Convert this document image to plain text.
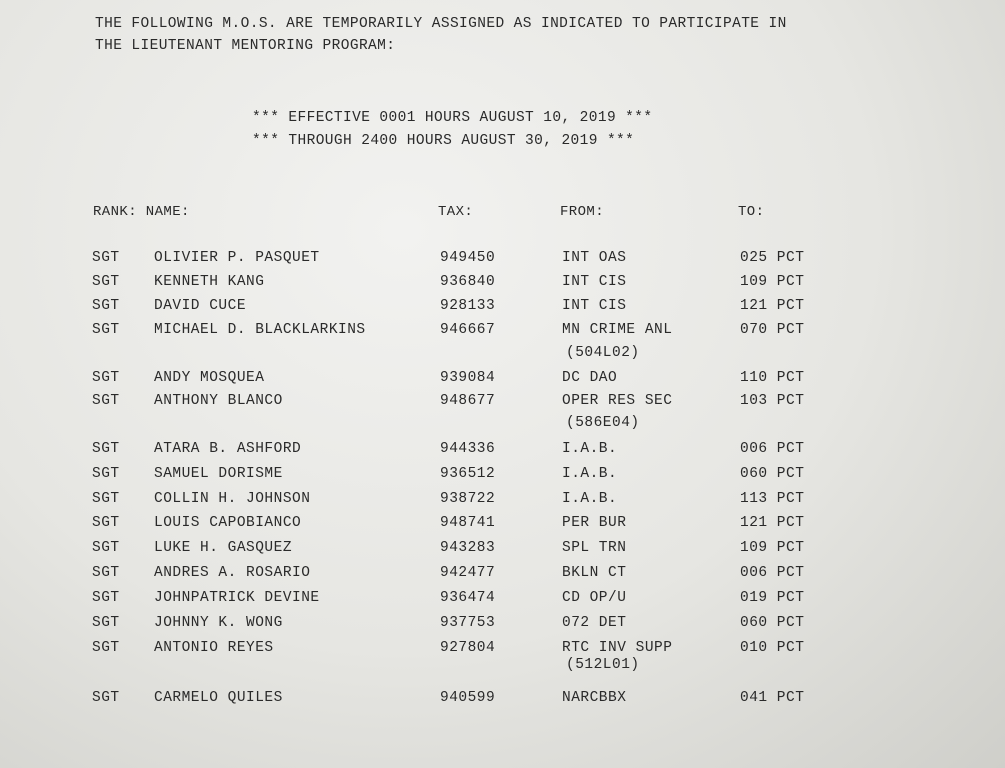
THE FOLLOWING M.O.S. ARE TEMPORARILY ASSIGNED AS INDICATED TO PARTICIPATE IN
THE LIEUTENANT MENTORING PROGRAM:
*** EFFECTIVE 0001 HOURS AUGUST 10, 2019 ***
*** THROUGH 2400 HOURS AUGUST 30, 2019 ***
RANK: NAME:	TAX:	FROM:	TO:
SGT OLIVIER P. PASQUET	949450	INT OAS	025 PCT
SGT KENNETH KANG	936840	INT CIS	109 PCT
SGT DAVID CUCE	928133	INT CIS	121 PCT
SGT MICHAEL D. BLACKLARKINS	946667	MN CRIME ANL	070 PCT
(504L02)
SGT ANDY MOSQUEA	939084	DC DAO	110 PCT
SGT ANTHONY BLANCO	948677	OPER RES SEC	103 PCT
(586E04)
SGT ATARA B. ASHFORD	944336	I.A.B.	006 PCT
SGT SAMUEL DORISME	936512	I.A.B.	060 PCT
SGT COLLIN H. JOHNSON	938722	I.A.B.	113 PCT
SGT LOUIS CAPOBIANCO	948741	PER BUR	121 PCT
SGT LUKE H. GASQUEZ	943283	SPL TRN	109 PCT
SGT ANDRES A. ROSARIO	942477	BKLN CT	006 PCT
SGT JOHNPATRICK DEVINE	936474	CD OP/U	019 PCT
SGT JOHNNY K. WONG	937753	072 DET	060 PCT
SGT ANTONIO REYES	927804	RTC INV SUPP	010 PCT
(512L01)
SGT CARMELO QUILES	940599	NARCBBX	041 PCT
